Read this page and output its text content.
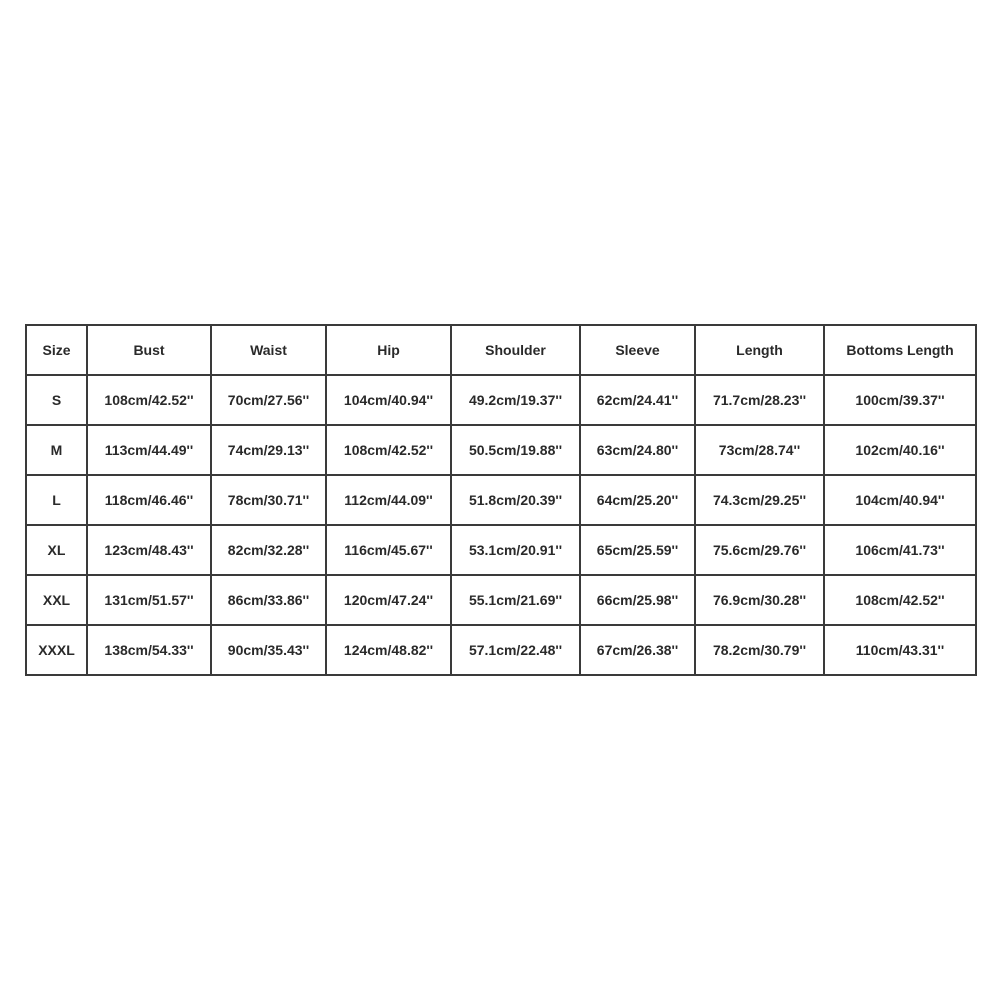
Size	Bust	Waist	Hip	Shoulder	Sleeve	Length	Bottoms Length
S	108cm/42.52''	70cm/27.56''	104cm/40.94''	49.2cm/19.37''	62cm/24.41''	71.7cm/28.23''	100cm/39.37''
M	113cm/44.49''	74cm/29.13''	108cm/42.52''	50.5cm/19.88''	63cm/24.80''	73cm/28.74''	102cm/40.16''
L	118cm/46.46''	78cm/30.71''	112cm/44.09''	51.8cm/20.39''	64cm/25.20''	74.3cm/29.25''	104cm/40.94''
XL	123cm/48.43''	82cm/32.28''	116cm/45.67''	53.1cm/20.91''	65cm/25.59''	75.6cm/29.76''	106cm/41.73''
XXL	131cm/51.57''	86cm/33.86''	120cm/47.24''	55.1cm/21.69''	66cm/25.98''	76.9cm/30.28''	108cm/42.52''
XXXL	138cm/54.33''	90cm/35.43''	124cm/48.82''	57.1cm/22.48''	67cm/26.38''	78.2cm/30.79''	110cm/43.31''
